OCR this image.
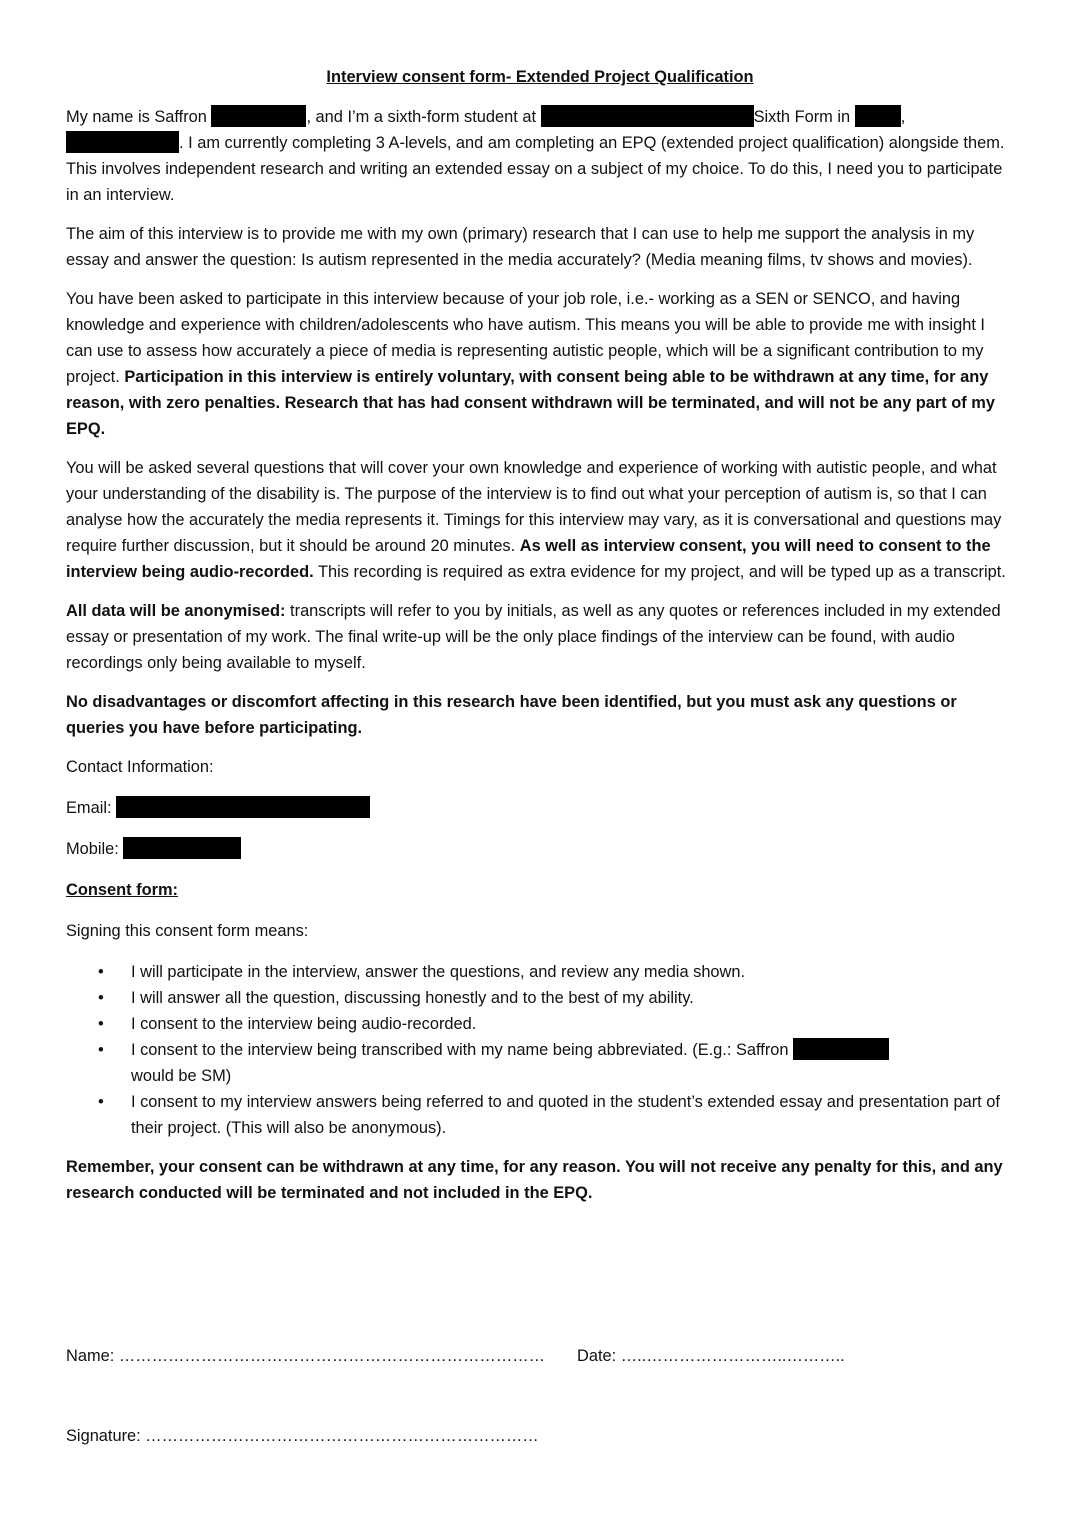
Interview consent form- Extended Project Qualification

My name is Saffron	, and I’m a sixth-form student at	Sixth Form in	,
. I am currently completing 3 A-levels, and am completing an EPQ (extended project qualification) alongside them. This involves independent research and writing an extended essay on a subject of my choice. To do this, I need you to participate in an interview.

The aim of this interview is to provide me with my own (primary) research that I can use to help me support the analysis in my essay and answer the question: Is autism represented in the media accurately? (Media meaning films, tv shows and movies).

You have been asked to participate in this interview because of your job role, i.e.- working as a SEN or SENCO, and having knowledge and experience with children/adolescents who have autism. This means you will be able to provide me with insight I can use to assess how accurately a piece of media is representing autistic people, which will be a significant contribution to my project. Participation in this interview is entirely voluntary, with consent being able to be withdrawn at any time, for any reason, with zero penalties. Research that has had consent withdrawn will be terminated, and will not be any part of my EPQ.

You will be asked several questions that will cover your own knowledge and experience of working with autistic people, and what your understanding of the disability is. The purpose of the interview is to find out what your perception of autism is, so that I can analyse how the accurately the media represents it. Timings for this interview may vary, as it is conversational and questions may require further discussion, but it should be around 20 minutes. As well as interview consent, you will need to consent to the interview being audio-recorded. This recording is required as extra evidence for my project, and will be typed up as a transcript.

All data will be anonymised: transcripts will refer to you by initials, as well as any quotes or references included in my extended essay or presentation of my work. The final write-up will be the only place findings of the interview can be found, with audio recordings only being available to myself.

No disadvantages or discomfort affecting in this research have been identified, but you must ask any questions or queries you have before participating.

Contact Information:
Email:
Mobile:
Consent form:
Signing this consent form means:
• I will participate in the interview, answer the questions, and review any media shown.
• I will answer all the question, discussing honestly and to the best of my ability.
• I consent to the interview being audio-recorded.
• I consent to the interview being transcribed with my name being abbreviated. (E.g.: Saffron
would be SM)
• I consent to my interview answers being referred to and quoted in the student’s extended essay and presentation part of their project. (This will also be anonymous).

Remember, your consent can be withdrawn at any time, for any reason. You will not receive any penalty for this, and any research conducted will be terminated and not included in the EPQ.

Name: …………………………………………………………………… Date: …..……………………..………..
Signature: ………………………………………………………………
